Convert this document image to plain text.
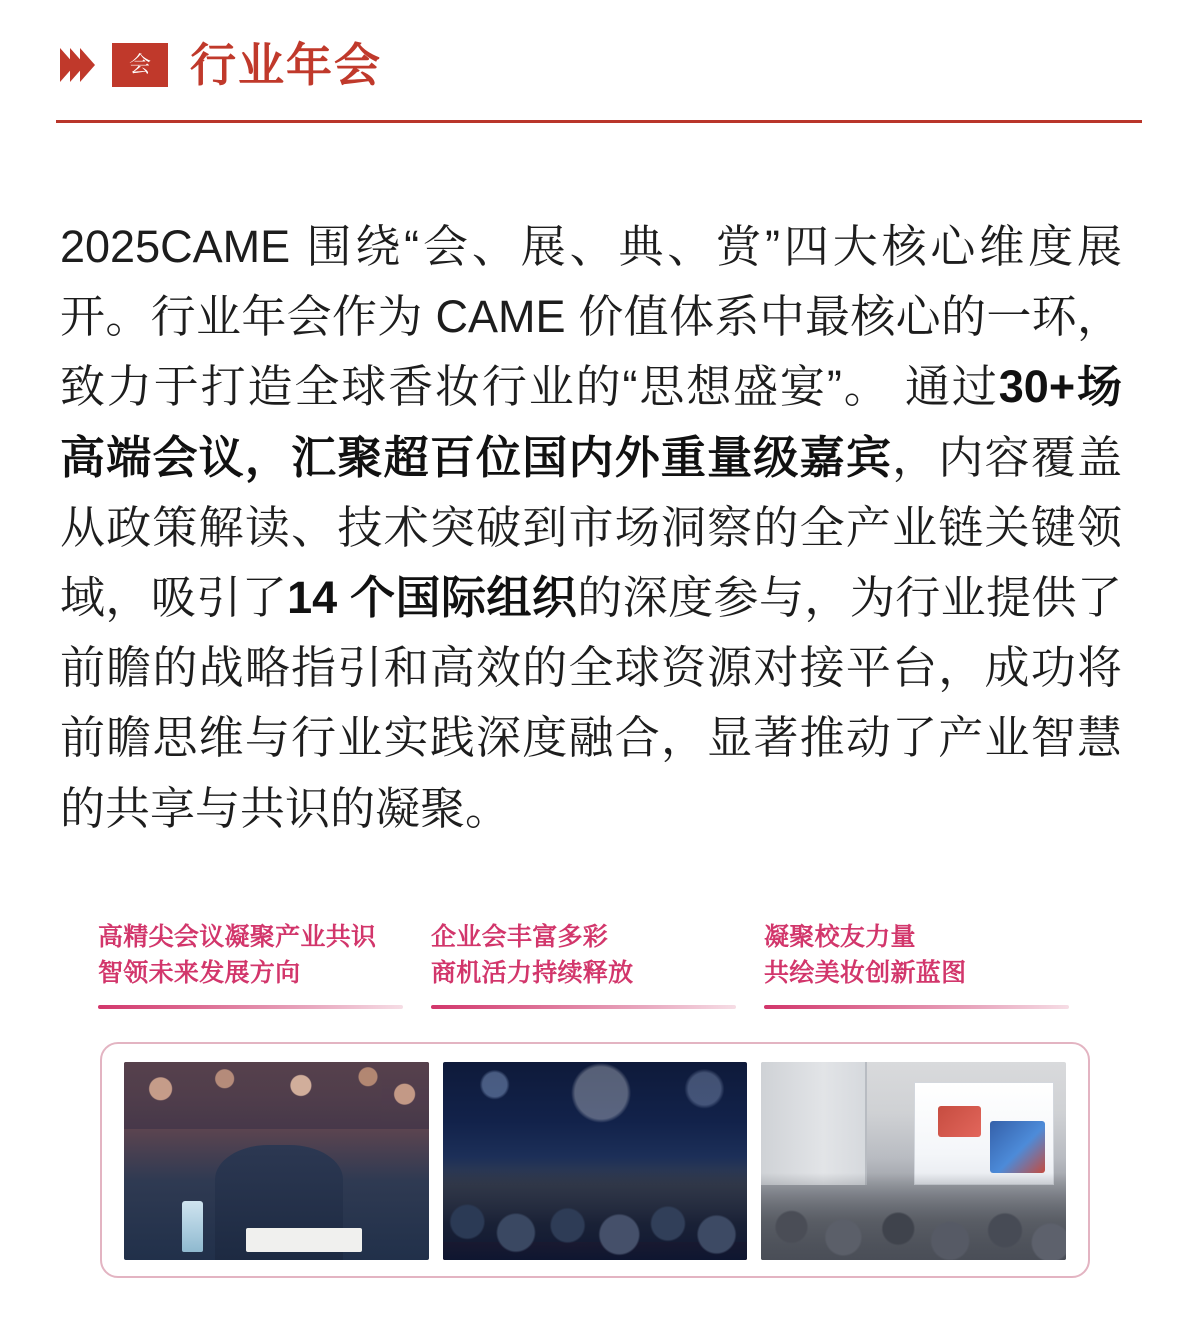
会 行业年会

2025CAME 围绕“会、展、典、赏”四大核心维度展开。行业年会作为 CAME 价值体系中最核心的一环，致力于打造全球香妆行业的“思想盛宴”。 通过30+场高端会议，汇聚超百位国内外重量级嘉宾，内容覆盖从政策解读、技术突破到市场洞察的全产业链关键领域，吸引了14 个国际组织的深度参与，为行业提供了前瞻的战略指引和高效的全球资源对接平台，成功将前瞻思维与行业实践深度融合，显著推动了产业智慧的共享与共识的凝聚。

高精尖会议凝聚产业共识
智领未来发展方向
企业会丰富多彩
商机活力持续释放
凝聚校友力量
共绘美妆创新蓝图
